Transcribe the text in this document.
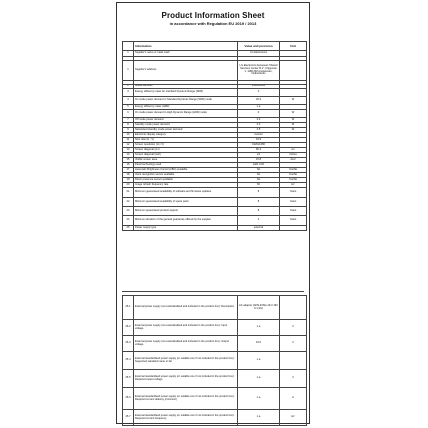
Product Information Sheet
in accordance with Regulation EU 2019 / 2013
	Information	Value and precision	Unit
1	Supplier's name or trade mark	LG Electronics	

1	Supplier's address	LG Electronics European Shared Services Center B.V., Krijgsman 1, 1186 DM Amstelveen, Netherlands	

2	Model identifier	24MK400H	
3	Energy efficiency class for standard Dynamic Range (SDR)	F	
4	On mode power demand in Standard Dynamic Range (SDR) mode	20.9	W
5	Energy efficiency class (HDR)	n.a	
6	On mode power demand in High Dynamic Range (HDR) mode	0	W
7	Off mode power demand	0.3	W
8	Standby mode power demand	0.3	W
9	Networked standby mode power demand	0.5	W
10	Electronic display category	monitor	
11	Size ratio (H : V)	16:9	
12	Screen resolution (H x V)	1920x1080	
13	Screen diagonal (cm)	60.4	cm
14	Screen diagonal (inch)	24	inches
15	Visible screen area	15.8	dm2
16	Panel technology used	LED LCD	
17	Automatic Brightness Control (ABC) available	No	Yes/No
18	Voice recognition sensor available	No	Yes/No
19	Room presence sensor available	No	Yes/No
20	Image refresh frequency rate	60	Hz
21	Minimum guaranteed availability of software and firmware updates	8	Years
22	Minimum guaranteed availability of spare parts	8	Years
23	Minimum guaranteed product support	8	Years
24	Minimum duration of the general guarantee offered by the supplier	2	Years
25	Power supply type	external	
25.1	External power supply (non-standardised and included in the product box): Description	AC adaptor (ADS-40SG-19-3 19V 0.1.3G)	
25.2	External power supply (non-standardised and included in the product box): Input voltage	n.a	V
25.3	External power supply (non-standardised and included in the product box): Output voltage	19.0	V
25.4	External standardised power supply (or suitable one if not included in the product box): Supported standard name or list	n.a	
25.5	External standardised power supply (or suitable one if not included in the product box): Required output voltage	n.a	V
25.6	External standardised power supply (or suitable one if not included in the product box): Required current delivery (minimum)	n.a	A
25.7	External standardised power supply (or suitable one if not included in the product box): Required current frequency	n.a	Hz
